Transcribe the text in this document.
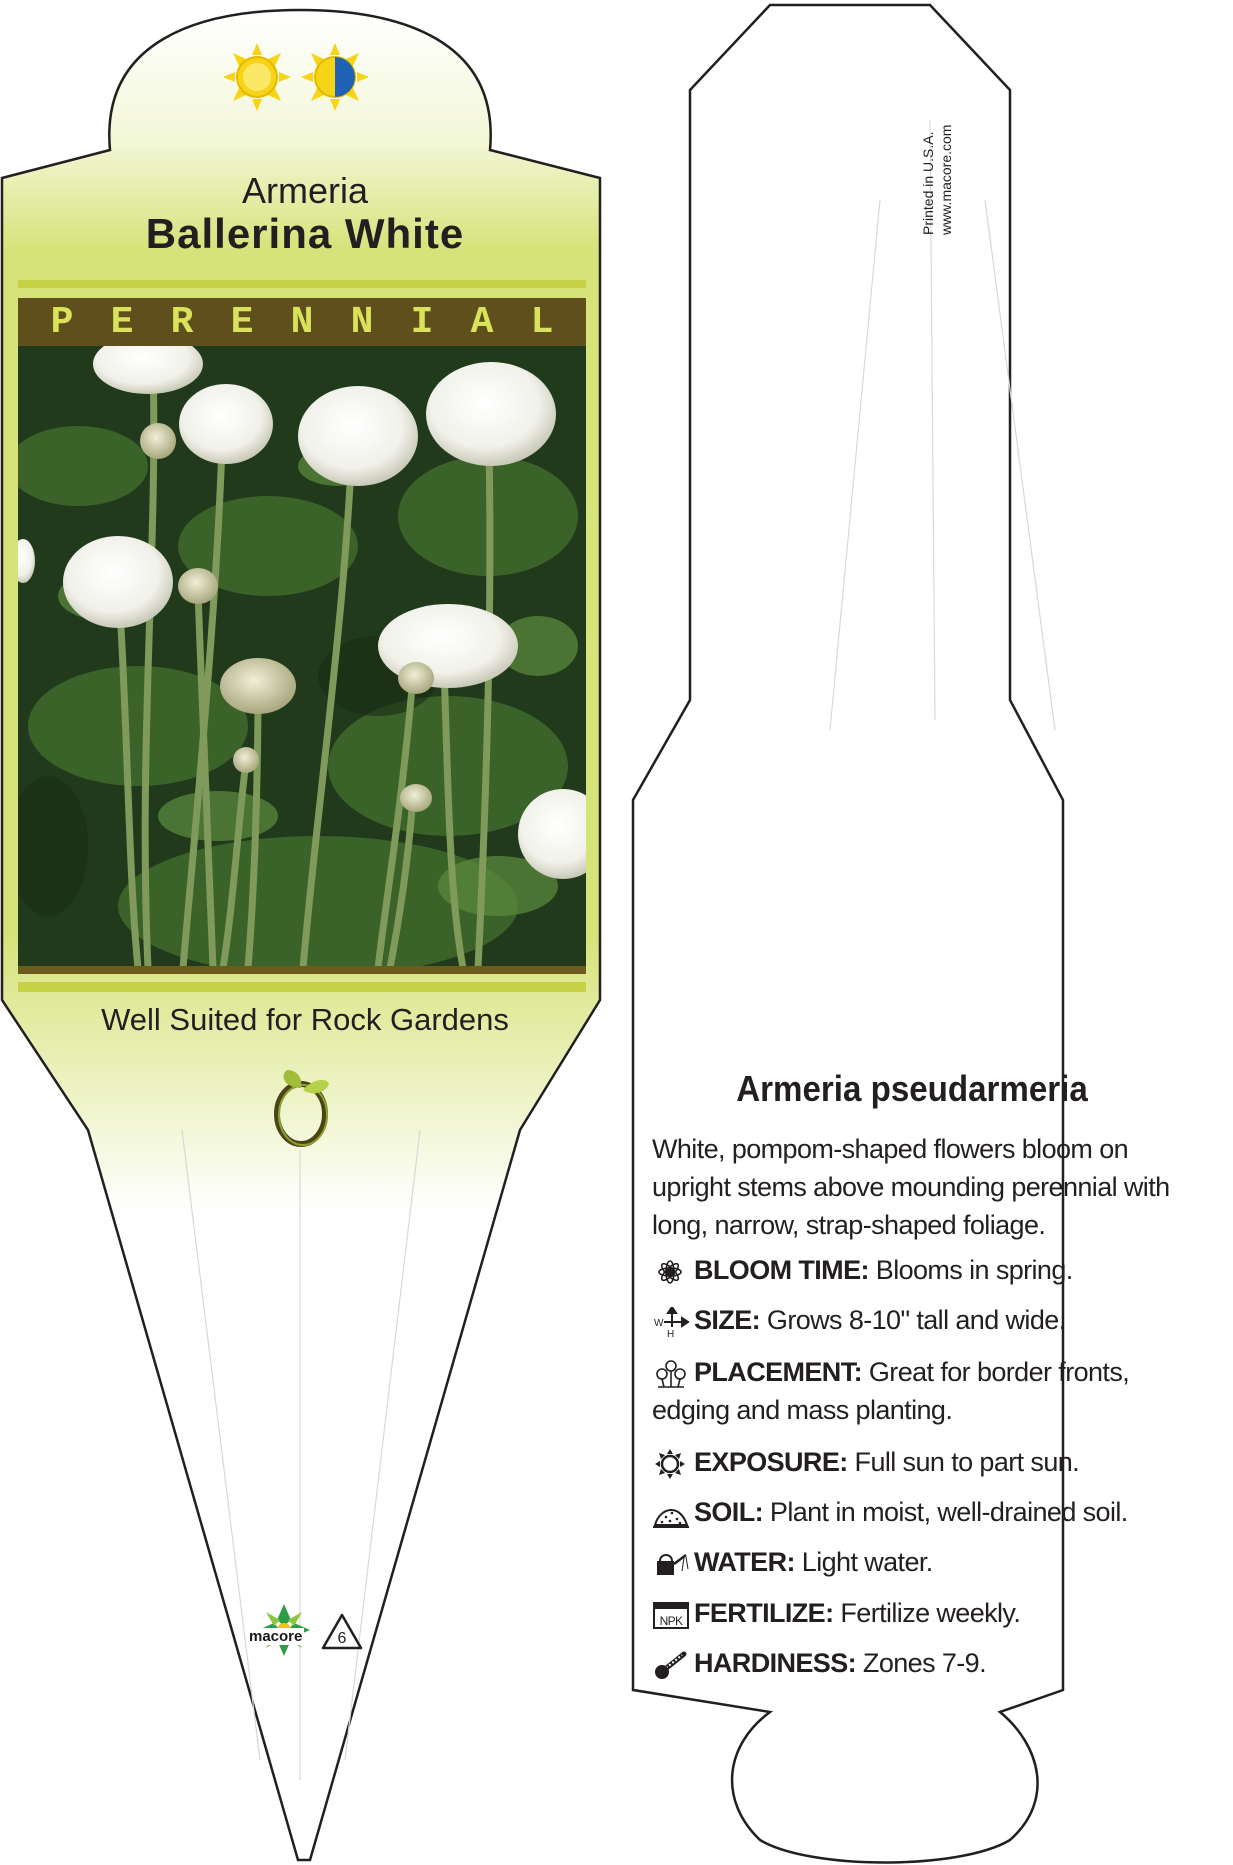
Armeria
Ballerina White
P E R E N N I A L
Well Suited for Rock Gardens
macore 6
Printed in U.S.A. www.macore.com
Armeria pseudarmeria
White, pompom-shaped flowers bloom on upright stems above mounding perennial with long, narrow, strap-shaped foliage.
BLOOM TIME: Blooms in spring.
W
H SIZE: Grows 8-10" tall and wide.
PLACEMENT: Great for border fronts, edging and mass planting.
EXPOSURE: Full sun to part sun.
SOIL: Plant in moist, well-drained soil.
WATER: Light water.
NPK FERTILIZE: Fertilize weekly.
HARDINESS: Zones 7-9.
